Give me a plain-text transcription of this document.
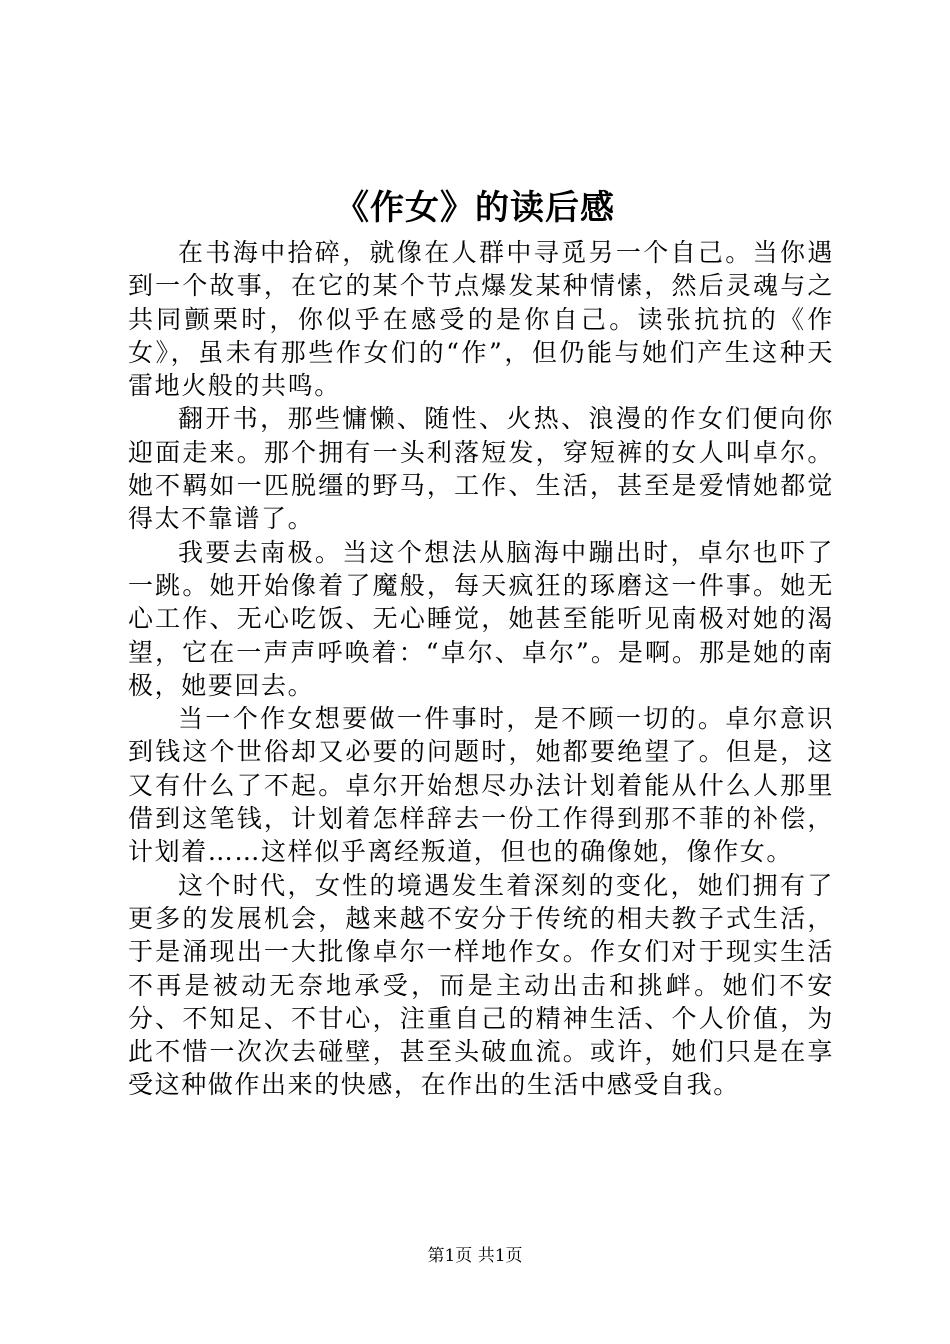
《作女》的读后感

在书海中拾碎，就像在人群中寻觅另一个自己。当你遇到一个故事，在它的某个节点爆发某种情愫，然后灵魂与之共同颤栗时，你似乎在感受的是你自己。读张抗抗的《作女》，虽未有那些作女们的“作”，但仍能与她们产生这种天雷地火般的共鸣。

翻开书，那些慵懒、随性、火热、浪漫的作女们便向你迎面走来。那个拥有一头利落短发，穿短裤的女人叫卓尔。她不羁如一匹脱缰的野马，工作、生活，甚至是爱情她都觉得太不靠谱了。

我要去南极。当这个想法从脑海中蹦出时，卓尔也吓了一跳。她开始像着了魔般，每天疯狂的琢磨这一件事。她无心工作、无心吃饭、无心睡觉，她甚至能听见南极对她的渴望，它在一声声呼唤着：“卓尔、卓尔”。是啊。那是她的南极，她要回去。

当一个作女想要做一件事时，是不顾一切的。卓尔意识到钱这个世俗却又必要的问题时，她都要绝望了。但是，这又有什么了不起。卓尔开始想尽办法计划着能从什么人那里借到这笔钱，计划着怎样辞去一份工作得到那不菲的补偿，计划着……这样似乎离经叛道，但也的确像她，像作女。

这个时代，女性的境遇发生着深刻的变化，她们拥有了更多的发展机会，越来越不安分于传统的相夫教子式生活，于是涌现出一大批像卓尔一样地作女。作女们对于现实生活不再是被动无奈地承受，而是主动出击和挑衅。她们不安分、不知足、不甘心，注重自己的精神生活、个人价值，为此不惜一次次去碰壁，甚至头破血流。或许，她们只是在享受这种做作出来的快感，在作出的生活中感受自我。

第1页 共1页
